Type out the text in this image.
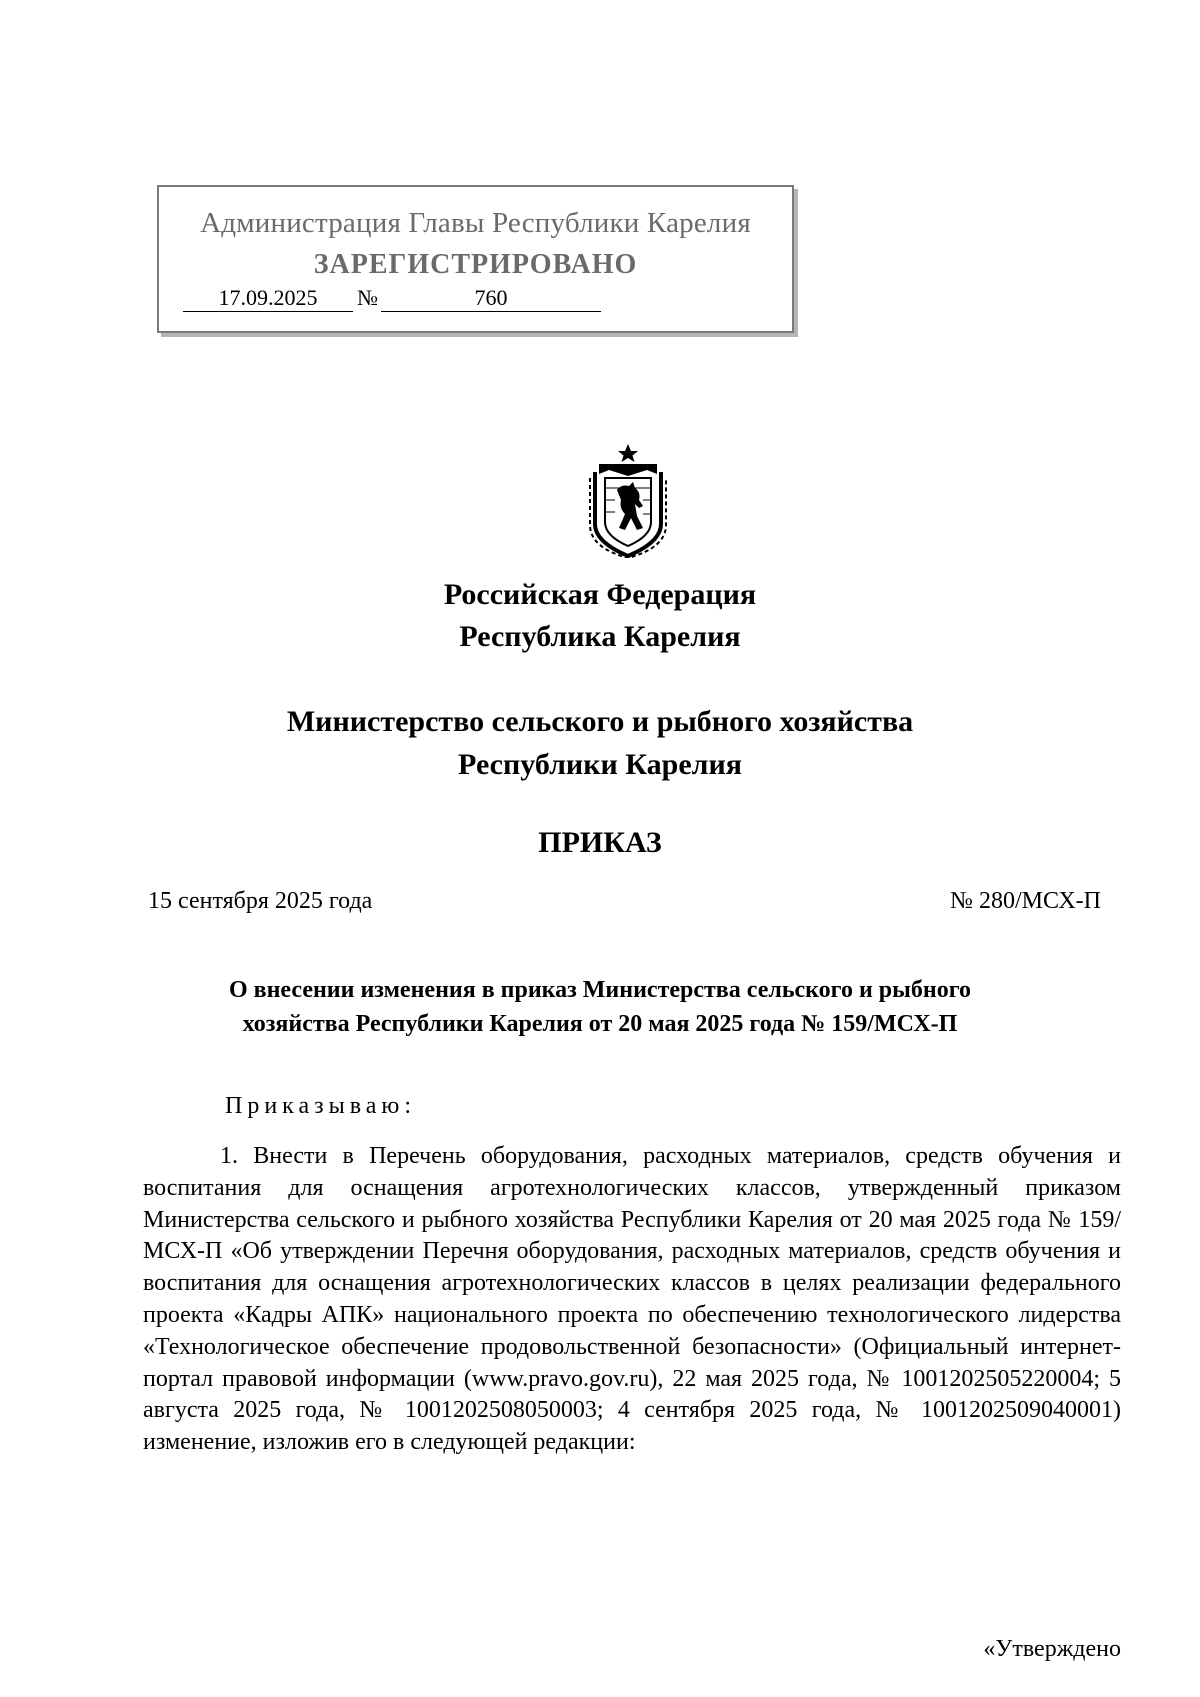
Администрация Главы Республики Карелия
ЗАРЕГИСТРИРОВАНО
17.09.2025	№	760
Российская Федерация
Республика Карелия
Министерство сельского и рыбного хозяйства
Республики Карелия
ПРИКАЗ
15 сентября 2025 года	№ 280/МСХ-П
О внесении изменения в приказ Министерства сельского и рыбного
хозяйства Республики Карелия от 20 мая 2025 года № 159/МСХ-П
Приказываю:

1. Внести в Перечень оборудования, расходных материалов, средств обучения и воспитания для оснащения агротехнологических классов, утвержденный приказом Министерства сельского и рыбного хозяйства Республики Карелия от 20 мая 2025 года № 159/МСХ-П «Об утверждении Перечня оборудования, расходных материалов, средств обучения и воспитания для оснащения агротехнологических классов в целях реализации федерального проекта «Кадры АПК» национального проекта по обеспечению технологического лидерства «Технологическое обеспечение продовольственной безопасности» (Официальный интернет-портал правовой информации (www.pravo.gov.ru), 22 мая 2025 года, № 1001202505220004; 5 августа 2025 года, № 1001202508050003; 4 сентября 2025 года, № 1001202509040001) изменение, изложив его в следующей редакции:

«Утверждено
